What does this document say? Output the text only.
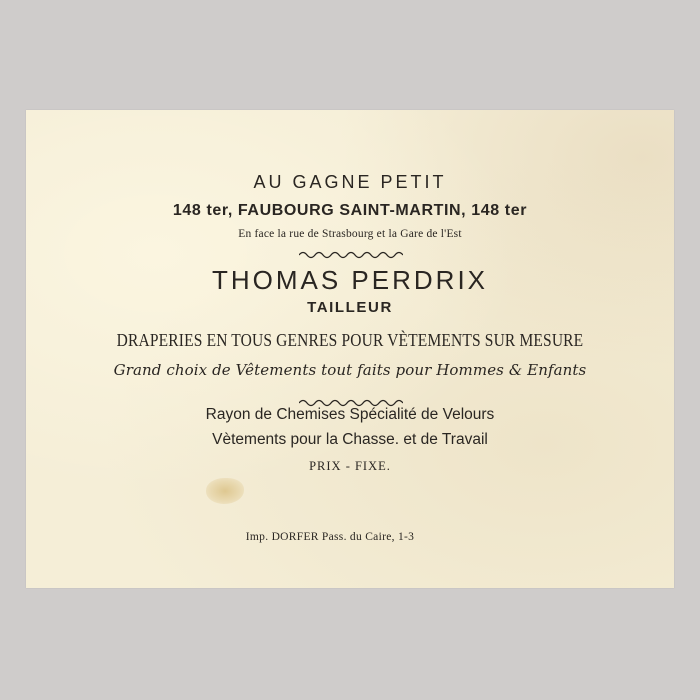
AU GAGNE PETIT
148 ter, FAUBOURG SAINT-MARTIN, 148 ter
En face la rue de Strasbourg et la Gare de l'Est
THOMAS PERDRIX
TAILLEUR
DRAPERIES EN TOUS GENRES POUR VÈTEMENTS SUR MESURE
Grand choix de Vêtements tout faits pour Hommes & Enfants
Rayon de Chemises Spécialité de Velours
Vètements pour la Chasse. et de Travail
PRIX - FIXE.
Imp. DORFER Pass. du Caire, 1-3
